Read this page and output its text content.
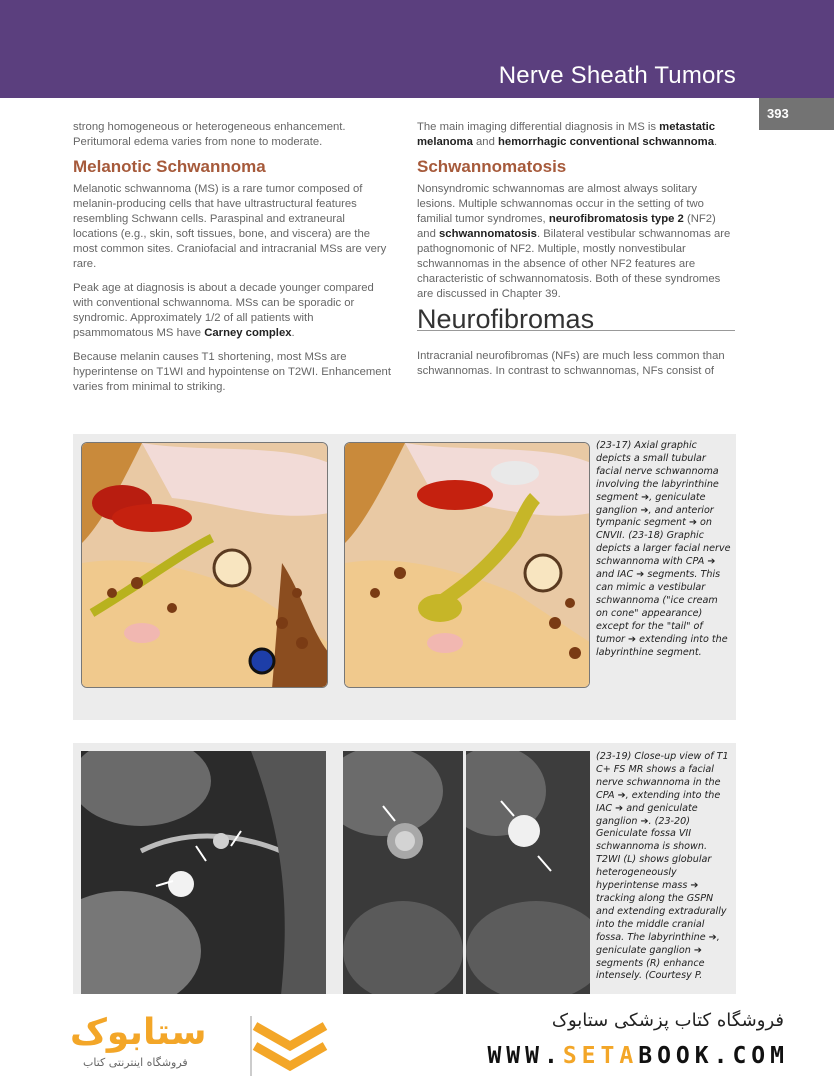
Nerve Sheath Tumors
393

strong homogeneous or heterogeneous enhancement. Peritumoral edema varies from none to moderate.

Melanotic Schwannoma

Melanotic schwannoma (MS) is a rare tumor composed of melanin-producing cells that have ultrastructural features resembling Schwann cells. Paraspinal and extraneural locations (e.g., skin, soft tissues, bone, and viscera) are the most common sites. Craniofacial and intracranial MSs are very rare.

Peak age at diagnosis is about a decade younger compared with conventional schwannoma. MSs can be sporadic or syndromic. Approximately 1/2 of all patients with psammomatous MS have Carney complex.

Because melanin causes T1 shortening, most MSs are hyperintense on T1WI and hypointense on T2WI. Enhancement varies from minimal to striking.

The main imaging differential diagnosis in MS is metastatic melanoma and hemorrhagic conventional schwannoma.

Schwannomatosis

Nonsyndromic schwannomas are almost always solitary lesions. Multiple schwannomas occur in the setting of two familial tumor syndromes, neurofibromatosis type 2 (NF2) and schwannomatosis. Bilateral vestibular schwannomas are pathognomonic of NF2. Multiple, mostly nonvestibular schwannomas in the absence of other NF2 features are characteristic of schwannomatosis. Both of these syndromes are discussed in Chapter 39.

Neurofibromas

Intracranial neurofibromas (NFs) are much less common than schwannomas. In contrast to schwannomas, NFs consist of

(23-17) Axial graphic depicts a small tubular facial nerve schwannoma involving the labyrinthine segment ➔, geniculate ganglion ➔, and anterior tympanic segment ➔ on CNVII. (23-18) Graphic depicts a larger facial nerve schwannoma with CPA ➔ and IAC ➔ segments. This can mimic a vestibular schwannoma ("ice cream on cone" appearance) except for the "tail" of tumor ➔ extending into the labyrinthine segment.
(23-19) Close-up view of T1 C+ FS MR shows a facial nerve schwannoma in the CPA ➔, extending into the IAC ➔ and geniculate ganglion ➔. (23-20) Geniculate fossa VII schwannoma is shown. T2WI (L) shows globular heterogeneously hyperintense mass ➔ tracking along the GSPN and extending extradurally into the middle cranial fossa. The labyrinthine ➔, geniculate ganglion ➔ segments (R) enhance intensely. (Courtesy P.
ستابوک
فروشگاه اینترنتی کتاب
فروشگاه کتاب پزشکی ستابوک
WWW.SETABOOK.COM
